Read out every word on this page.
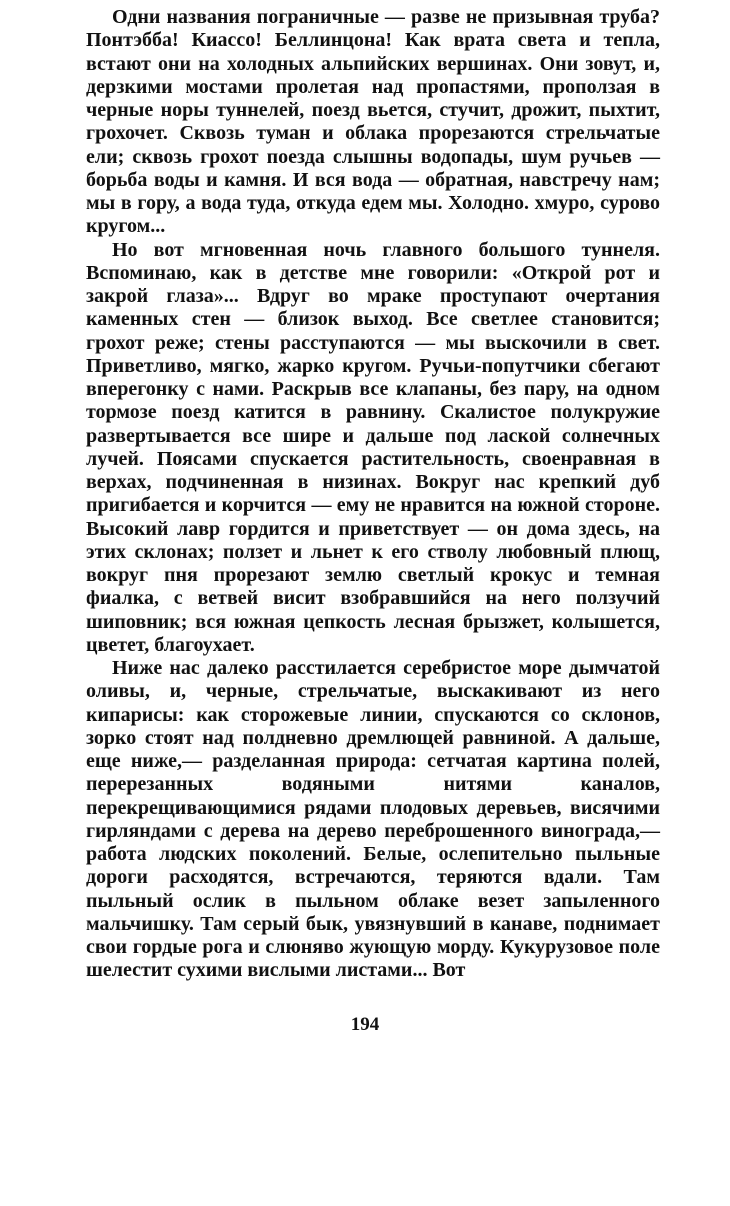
Одни названия пограничные — разве не призывная труба? Понтэбба! Киассо! Беллинцона! Как врата света и тепла, встают они на холодных альпийских вершинах. Они зовут, и, дерзкими мостами пролетая над пропастями, проползая в черные норы туннелей, поезд вьется, стучит, дрожит, пыхтит, грохочет. Сквозь туман и облака прорезаются стрельчатые ели; сквозь грохот поезда слышны водопады, шум ручьев — борьба воды и камня. И вся вода — обратная, навстречу нам; мы в гору, а вода туда, откуда едем мы. Холодно. хмуро, сурово кругом...

Но вот мгновенная ночь главного большого туннеля. Вспоминаю, как в детстве мне говорили: «Открой рот и закрой глаза»... Вдруг во мраке проступают очертания каменных стен — близок выход. Все светлее становится; грохот реже; стены расступаются — мы выскочили в свет. Приветливо, мягко, жарко кругом. Ручьи-попутчики сбегают вперегонку с нами. Раскрыв все клапаны, без пару, на одном тормозе поезд катится в равнину. Скалистое полукружие развертывается все шире и дальше под лаской солнечных лучей. Поясами спускается растительность, своенравная в верхах, подчиненная в низинах. Вокруг нас крепкий дуб пригибается и корчится — ему не нравится на южной стороне. Высокий лавр гордится и приветствует — он дома здесь, на этих склонах; ползет и льнет к его стволу любовный плющ, вокруг пня прорезают землю светлый крокус и темная фиалка, с ветвей висит взобравшийся на него ползучий шиповник; вся южная цепкость лесная брызжет, колышется, цветет, благоухает.

Ниже нас далеко расстилается серебристое море дымчатой оливы, и, черные, стрельчатые, выскакивают из него кипарисы: как сторожевые линии, спускаются со склонов, зорко стоят над полдневно дремлющей равниной. А дальше, еще ниже,— разделанная природа: сетчатая картина полей, перерезанных водяными нитями каналов, перекрещивающимися рядами плодовых деревьев, висячими гирляндами с дерева на дерево переброшенного винограда,— работа людских поколений. Белые, ослепительно пыльные дороги расходятся, встречаются, теряются вдали. Там пыльный ослик в пыльном облаке везет запыленного мальчишку. Там серый бык, увязнувший в канаве, поднимает свои гордые рога и слюняво жующую морду. Кукурузовое поле шелестит сухими вислыми листами... Вот

194
